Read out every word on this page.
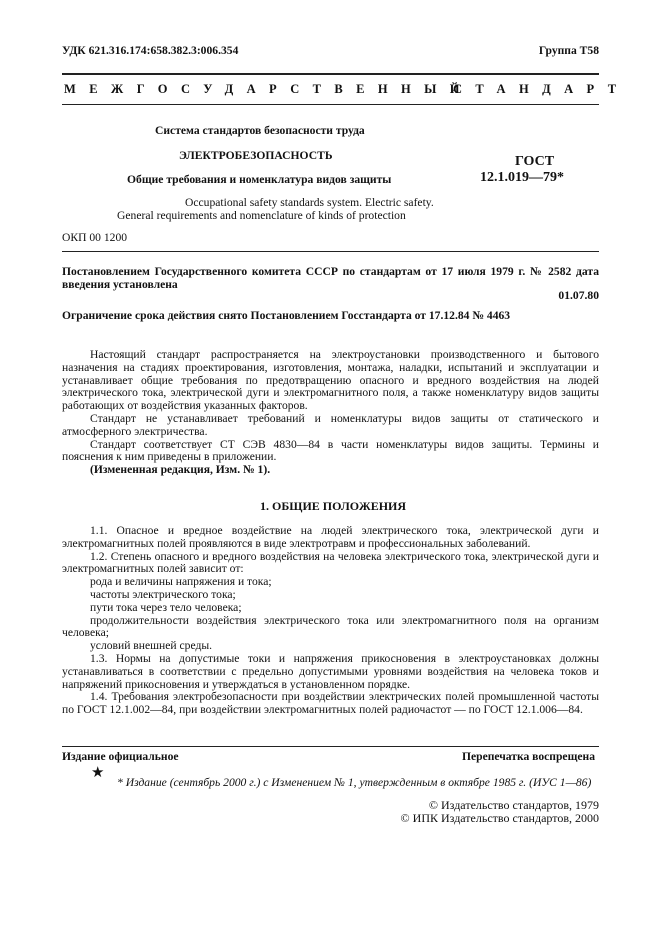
УДК 621.316.174:658.382.3:006.354	Группа Т58
МЕЖГОСУДАРСТВЕННЫЙ
СТАНДАРТ
Система стандартов безопасности труда
ЭЛЕКТРОБЕЗОПАСНОСТЬ
Общие требования и номенклатура видов защиты
ГОСТ
12.1.019—79*
Occupational safety standards system. Electric safety.
General requirements and nomenclature of kinds of protection
ОКП 00 1200
Постановлением Государственного комитета СССР по стандартам от 17 июля 1979 г. № 2582 дата введения установлена
01.07.80
Ограничение срока действия снято Постановлением Госстандарта от 17.12.84 № 4463

Настоящий стандарт распространяется на электроустановки производственного и бытового назначения на стадиях проектирования, изготовления, монтажа, наладки, испытаний и эксплуатации и устанавливает общие требования по предотвращению опасного и вредного воздействия на людей электрического тока, электрической дуги и электромагнитного поля, а также номенклатуру видов защиты работающих от воздействия указанных факторов.

Стандарт не устанавливает требований и номенклатуры видов защиты от статического и атмосферного электричества.

Стандарт соответствует СТ СЭВ 4830—84 в части номенклатуры видов защиты. Термины и пояснения к ним приведены в приложении.

(Измененная редакция, Изм. № 1).

1. ОБЩИЕ ПОЛОЖЕНИЯ

1.1. Опасное и вредное воздействие на людей электрического тока, электрической дуги и электромагнитных полей проявляются в виде электротравм и профессиональных заболеваний.

1.2. Степень опасного и вредного воздействия на человека электрического тока, электрической дуги и электромагнитных полей зависит от:

рода и величины напряжения и тока;

частоты электрического тока;

пути тока через тело человека;

продолжительности воздействия электрического тока или электромагнитного поля на организм человека;

условий внешней среды.

1.3. Нормы на допустимые токи и напряжения прикосновения в электроустановках должны устанавливаться в соответствии с предельно допустимыми уровнями воздействия на человека токов и напряжений прикосновения и утверждаться в установленном порядке.

1.4. Требования электробезопасности при воздействии электрических полей промышленной частоты по ГОСТ 12.1.002—84, при воздействии электромагнитных полей радиочастот — по ГОСТ 12.1.006—84.

Издание официальное	Перепечатка воспрещена
★
* Издание (сентябрь 2000 г.) с Изменением № 1, утвержденным в октябре 1985 г. (ИУС 1—86)
© Издательство стандартов, 1979
© ИПК Издательство стандартов, 2000
